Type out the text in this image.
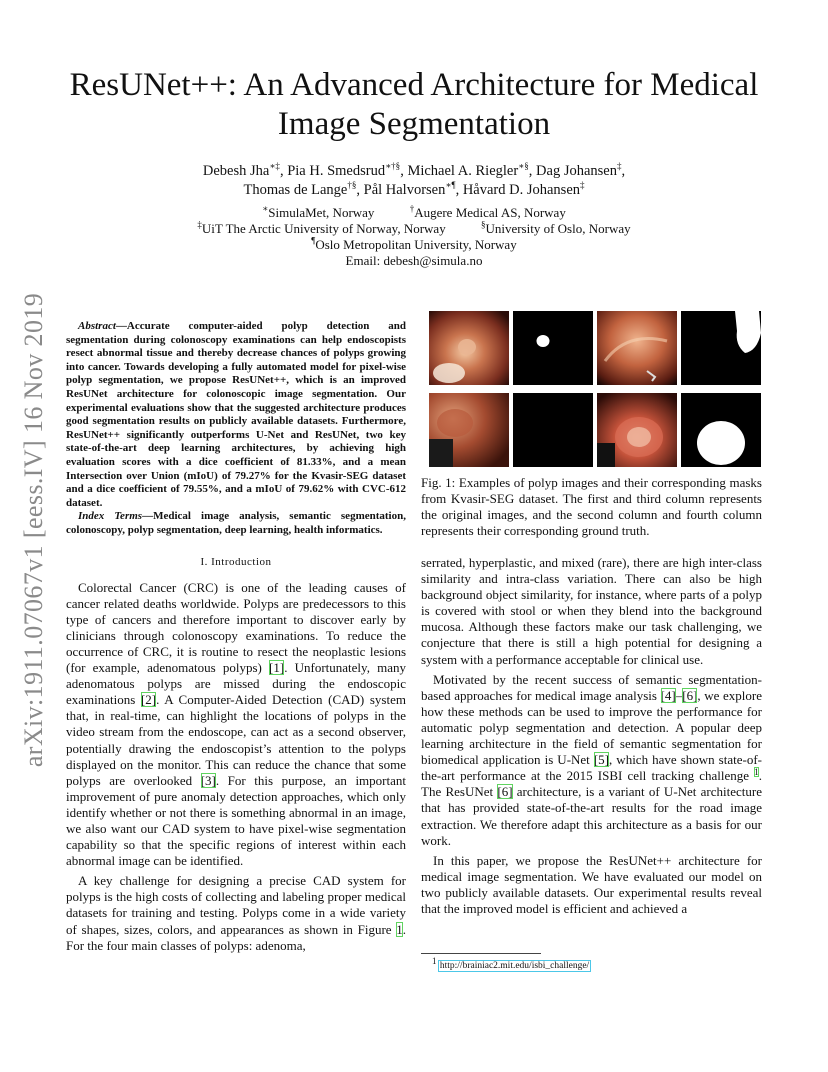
arXiv:1911.07067v1 [eess.IV] 16 Nov 2019
ResUNet++: An Advanced Architecture for Medical Image Segmentation
Debesh Jha∗‡, Pia H. Smedsrud∗†§, Michael A. Riegler∗§, Dag Johansen‡,
Thomas de Lange†§, Pål Halvorsen∗¶, Håvard D. Johansen‡
∗SimulaMet, Norway	†Augere Medical AS, Norway
‡UiT The Arctic University of Norway, Norway	§University of Oslo, Norway
¶Oslo Metropolitan University, Norway
Email: debesh@simula.no

Abstract—Accurate computer-aided polyp detection and segmentation during colonoscopy examinations can help endoscopists resect abnormal tissue and thereby decrease chances of polyps growing into cancer. Towards developing a fully automated model for pixel-wise polyp segmentation, we propose ResUNet++, which is an improved ResUNet architecture for colonoscopic image segmentation. Our experimental evaluations show that the suggested architecture produces good segmentation results on publicly available datasets. Furthermore, ResUNet++ significantly outperforms U-Net and ResUNet, two key state-of-the-art deep learning architectures, by achieving high evaluation scores with a dice coefficient of 81.33%, and a mean Intersection over Union (mIoU) of 79.27% for the Kvasir-SEG dataset and a dice coefficient of 79.55%, and a mIoU of 79.62% with CVC-612 dataset.

Index Terms—Medical image analysis, semantic segmentation, colonoscopy, polyp segmentation, deep learning, health informatics.

I. Introduction

Colorectal Cancer (CRC) is one of the leading causes of cancer related deaths worldwide. Polyps are predecessors to this type of cancers and therefore important to discover early by clinicians through colonoscopy examinations. To reduce the occurrence of CRC, it is routine to resect the neoplastic lesions (for example, adenomatous polyps) [1]. Unfortunately, many adenomatous polyps are missed during the endoscopic examinations [2]. A Computer-Aided Detection (CAD) system that, in real-time, can highlight the locations of polyps in the video stream from the endoscope, can act as a second observer, potentially drawing the endoscopist’s attention to the polyps displayed on the monitor. This can reduce the chance that some polyps are overlooked [3]. For this purpose, an important improvement of pure anomaly detection approaches, which only identify whether or not there is something abnormal in an image, we also want our CAD system to have pixel-wise segmentation capability so that the specific regions of interest within each abnormal image can be identified.

A key challenge for designing a precise CAD system for polyps is the high costs of collecting and labeling proper medical datasets for training and testing. Polyps come in a wide variety of shapes, sizes, colors, and appearances as shown in Figure 1. For the four main classes of polyps: adenoma,

Fig. 1: Examples of polyp images and their corresponding masks from Kvasir-SEG dataset. The first and third column represents the original images, and the second column and fourth column represents their corresponding ground truth.

serrated, hyperplastic, and mixed (rare), there are high inter-class similarity and intra-class variation. There can also be high background object similarity, for instance, where parts of a polyp is covered with stool or when they blend into the background mucosa. Although these factors make our task challenging, we conjecture that there is still a high potential for designing a system with a performance acceptable for clinical use.

Motivated by the recent success of semantic segmentation-based approaches for medical image analysis [4]–[6], we explore how these methods can be used to improve the performance for automatic polyp segmentation and detection. A popular deep learning architecture in the field of semantic segmentation for biomedical application is U-Net [5], which have shown state-of-the-art performance at the 2015 ISBI cell tracking challenge $^1$. The ResUNet [6] architecture, is a variant of U-Net architecture that has provided state-of-the-art results for the road image extraction. We therefore adapt this architecture as a basis for our work.

In this paper, we propose the ResUNet++ architecture for medical image segmentation. We have evaluated our model on two publicly available datasets. Our experimental results reveal that the improved model is efficient and achieved a

$^1$ http://brainiac2.mit.edu/isbi_challenge/
